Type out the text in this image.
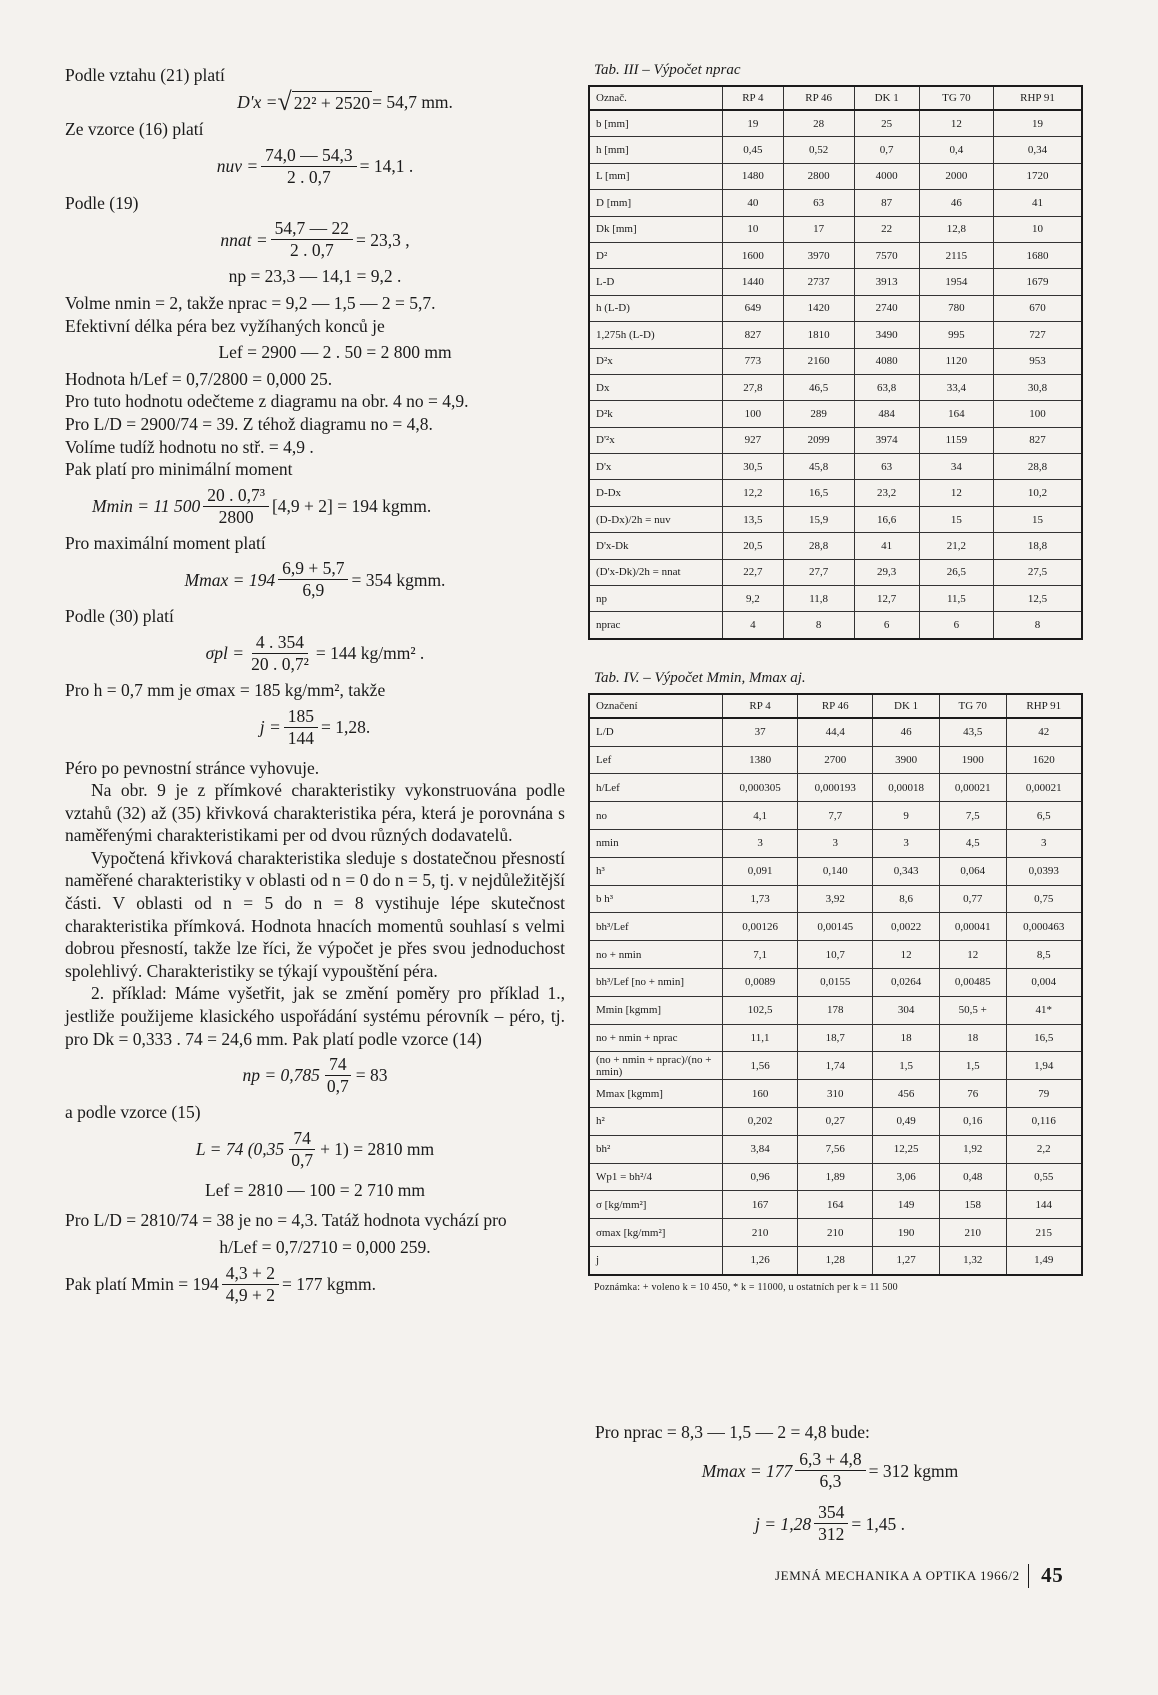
Podle vztahu (21) platí

D'x = √ 22² + 2520 = 54,7 mm.

Ze vzorce (16) platí

nuv = $\frac{74,0 — 54,3}{2 . 0,7} = 14,1$ .

Podle (19)

nnat = $\frac{54,7 — 22}{2 . 0,7} = 23,3$ ,
np = 23,3 — 14,1 = 9,2 .

Volme nmin = 2, takže nprac = 9,2 — 1,5 — 2 = 5,7.

Efektivní délka péra bez vyžíhaných konců je

Lef = 2900 — 2 . 50 = 2 800 mm

Hodnota h/Lef = 0,7/2800 = 0,000 25.

Pro tuto hodnotu odečteme z diagramu na obr. 4 no = 4,9.

Pro L/D = 2900/74 = 39. Z téhož diagramu no = 4,8.

Volíme tudíž hodnotu no stř. = 4,9 .

Pak platí pro minimální moment

Mmin = 11 $500 \frac{\text{20 . 0,7³}}{2800} [4,9 + 2] = 194$ kgmm.

Pro maximální moment platí

$Mmax = 194 \frac{6,9 + 5,7}{6,9} = 354$ kgmm.

Podle (30) platí

$\sigma pl = \frac{4 . 354}{\text{20 . 0,7²}} = 144$ kg/mm² .

Pro h = 0,7 mm je σmax = 185 kg/mm², takže

$j = \frac{185}{144} = 1,28$.

Péro po pevnostní stránce vyhovuje.

Na obr. 9 je z přímkové charakteristiky vykonstruována podle vztahů (32) až (35) křivková charakteristika péra, která je porovnána s naměřenými charakteristikami per od dvou různých dodavatelů.

Vypočtená křivková charakteristika sleduje s dostatečnou přesností naměřené charakteristiky v oblasti od n = 0 do n = 5, tj. v nejdůležitější části. V oblasti od n = 5 do n = 8 vystihuje lépe skutečnost charakteristika přímková. Hodnota hnacích momentů souhlasí s velmi dobrou přesností, takže lze říci, že výpočet je přes svou jednoduchost spolehlivý. Charakteristiky se týkají vypouštění péra.

2. příklad: Máme vyšetřit, jak se změní poměry pro příklad 1., jestliže použijeme klasického uspořádání systému pérovník – péro, tj. pro Dk = 0,333 . 74 = 24,6 mm. Pak platí podle vzorce (14)

np = $0,785 \frac{74}{0,7} = 83$

a podle vzorce (15)

L = 74 $(0,35 \frac{74}{0,7} + 1) = 2810$ mm
Lef = 2810 — 100 = 2 710 mm

Pro L/D = 2810/74 = 38 je no = 4,3. Tatáž hodnota vychází pro

h/Lef = 0,7/2710 = 0,000 259.
Pak platí $Mmin = 194 \frac{4,3 + 2}{4,9 + 2} = 177$ kgmm.
Tab. III – Výpočet nprac
Označ.	RP 4	RP 46	DK 1	TG 70	RHP 91
b [mm]	19	28	25	12	19
h [mm]	0,45	0,52	0,7	0,4	0,34
L [mm]	1480	2800	4000	2000	1720
D [mm]	40	63	87	46	41
Dk [mm]	10	17	22	12,8	10
D²	1600	3970	7570	2115	1680
L-D	1440	2737	3913	1954	1679
h (L-D)	649	1420	2740	780	670
1,275h (L-D)	827	1810	3490	995	727
D²x	773	2160	4080	1120	953
Dx	27,8	46,5	63,8	33,4	30,8
D²k	100	289	484	164	100
D'²x	927	2099	3974	1159	827
D'x	30,5	45,8	63	34	28,8
D-Dx	12,2	16,5	23,2	12	10,2
(D-Dx)/2h = nuv	13,5	15,9	16,6	15	15
D'x-Dk	20,5	28,8	41	21,2	18,8
(D'x-Dk)/2h = nnat	22,7	27,7	29,3	26,5	27,5
np	9,2	11,8	12,7	11,5	12,5
nprac	4	8	6	6	8
Tab. IV. – Výpočet Mmin, Mmax aj.
Označení	RP 4	RP 46	DK 1	TG 70	RHP 91
L/D	37	44,4	46	43,5	42
Lef	1380	2700	3900	1900	1620
h/Lef	0,000305	0,000193	0,00018	0,00021	0,00021
no	4,1	7,7	9	7,5	6,5
nmin	3	3	3	4,5	3
h³	0,091	0,140	0,343	0,064	0,0393
b h³	1,73	3,92	8,6	0,77	0,75
bh³/Lef	0,00126	0,00145	0,0022	0,00041	0,000463
no + nmin	7,1	10,7	12	12	8,5
bh³/Lef [no + nmin]	0,0089	0,0155	0,0264	0,00485	0,004
Mmin [kgmm]	102,5	178	304	50,5 +	41*
no + nmin + nprac	11,1	18,7	18	18	16,5
(no + nmin + nprac)/(no + nmin)	1,56	1,74	1,5	1,5	1,94
Mmax [kgmm]	160	310	456	76	79
h²	0,202	0,27	0,49	0,16	0,116
bh²	3,84	7,56	12,25	1,92	2,2
Wp1 = bh²/4	0,96	1,89	3,06	0,48	0,55
σ [kg/mm²]	167	164	149	158	144
σmax [kg/mm²]	210	210	190	210	215
j	1,26	1,28	1,27	1,32	1,49
Poznámka: + voleno k = 10 450, * k = 11000, u ostatních per k = 11 500

Pro nprac = 8,3 — 1,5 — 2 = 4,8 bude:

$Mmax = 177 \frac{6,3 + 4,8}{6,3} = 312$ kgmm
$j = 1,28 \frac{354}{312} = 1,45$ .
JEMNÁ MECHANIKA A OPTIKA 1966/2 45
